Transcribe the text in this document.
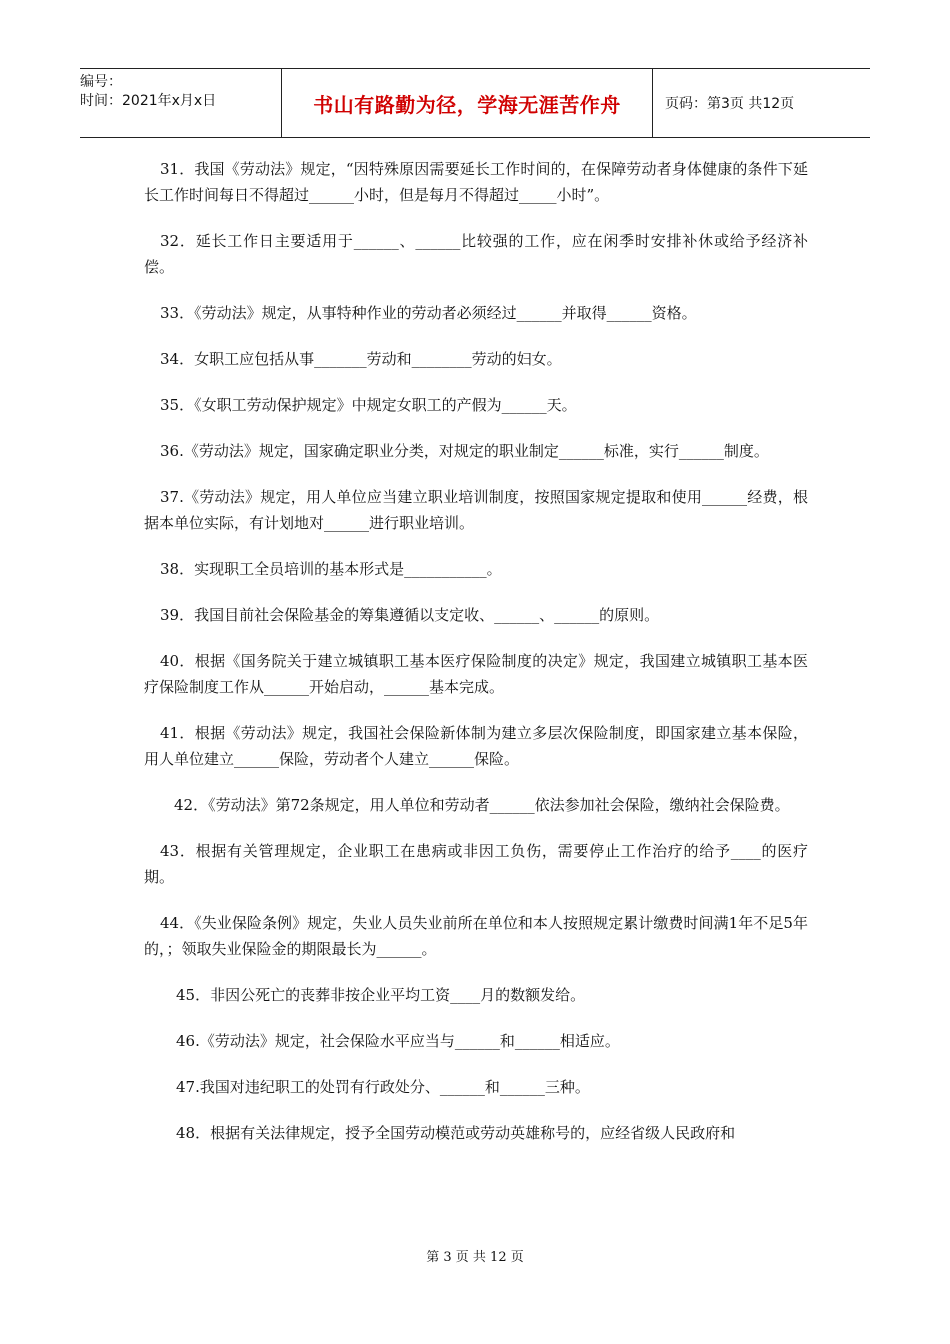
编号：
时间：2021年x月x日	书山有路勤为径，学海无涯苦作舟	页码：第3页 共12页

31．我国《劳动法》规定，“因特殊原因需要延长工作时间的，在保障劳动者身体健康的条件下延长工作时间每日不得超过______小时，但是每月不得超过_____小时”。

32．延长工作日主要适用于______、______比较强的工作，应在闲季时安排补休或给予经济补偿。

33．《劳动法》规定，从事特种作业的劳动者必须经过______并取得______资格。

34．女职工应包括从事_______劳动和________劳动的妇女。

35．《女职工劳动保护规定》中规定女职工的产假为______天。

36.《劳动法》规定，国家确定职业分类，对规定的职业制定______标准，实行______制度。

37.《劳动法》规定，用人单位应当建立职业培训制度，按照国家规定提取和使用______经费，根据本单位实际，有计划地对______进行职业培训。

38．实现职工全员培训的基本形式是___________。

39．我国目前社会保险基金的筹集遵循以支定收、______、______的原则。

40．根据《国务院关于建立城镇职工基本医疗保险制度的决定》规定，我国建立城镇职工基本医疗保险制度工作从______开始启动，______基本完成。

41．根据《劳动法》规定，我国社会保险新体制为建立多层次保险制度，即国家建立基本保险，用人单位建立______保险，劳动者个人建立______保险。

42．《劳动法》第72条规定，用人单位和劳动者______依法参加社会保险，缴纳社会保险费。

43．根据有关管理规定，企业职工在患病或非因工负伤，需要停止工作治疗的给予____的医疗期。

44．《失业保险条例》规定，失业人员失业前所在单位和本人按照规定累计缴费时间满1年不足5年的，；领取失业保险金的期限最长为______。

45．非因公死亡的丧葬非按企业平均工资____月的数额发给。

46.《劳动法》规定，社会保险水平应当与______和______相适应。

47.我国对违纪职工的处罚有行政处分、______和______三种。

48．根据有关法律规定，授予全国劳动模范或劳动英雄称号的，应经省级人民政府和

第 3 页 共 12 页
